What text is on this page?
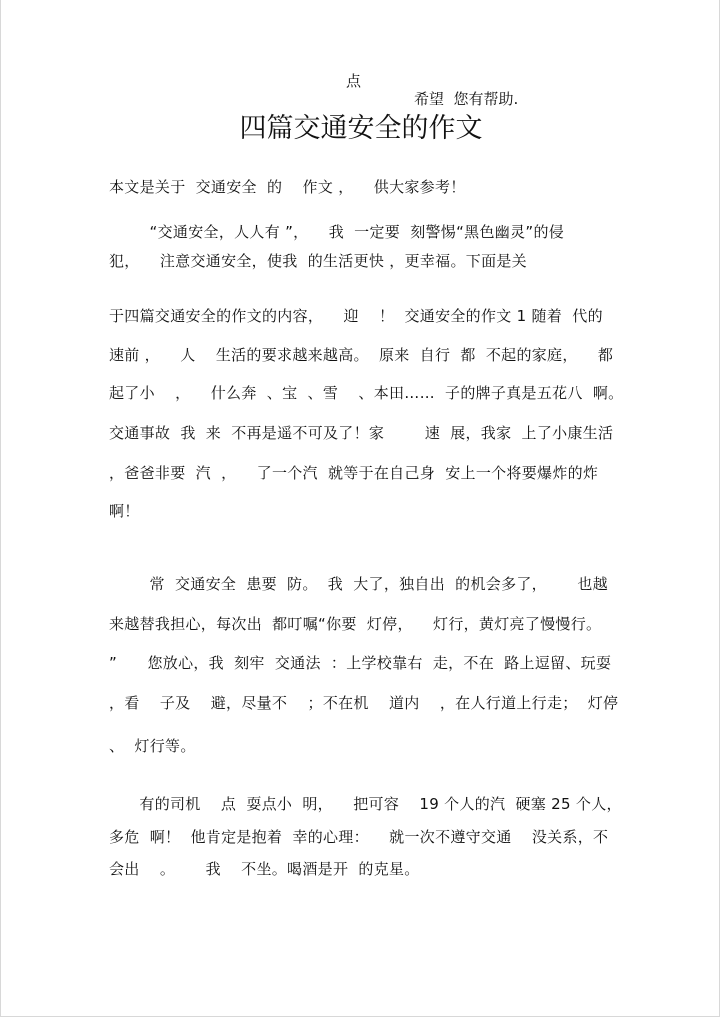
点

希望  您有帮助.

四篇交通安全的作文
本文是关于  交通安全  的    作文 ，    供大家参考！
“交通安全，人人有 ”，    我  一定要  刻警惕“黑色幽灵”的侵
犯，    注意交通安全，使我  的生活更快 ，更幸福。下面是关
于四篇交通安全的作文的内容，    迎    ！  交通安全的作文 1 随着  代的
速前 ，    人    生活的要求越来越高。  原来  自行  都  不起的家庭，    都
起了小    ，    什么奔  、宝  、雪    、本田……  子的牌子真是五花八  啊。
交通事故  我  来  不再是遥不可及了！家        速  展，我家  上了小康生活
，爸爸非要  汽  ，    了一个汽  就等于在自己身  安上一个将要爆炸的炸
啊！
常  交通安全  患要  防。  我  大了，独自出  的机会多了，      也越
来越替我担心，每次出  都叮嘱“你要  灯停，    灯行，黄灯亮了慢慢行。
”      您放心，我  刻牢  交通法  ：上学校靠右  走，不在  路上逗留、玩耍
，看    子及    避，尽量不    ；不在机    道内    ，在人行道上行走；  灯停
、  灯行等。
有的司机    点  耍点小  明，    把可容    19 个人的汽  硬塞 25 个人，
多危  啊！  他肯定是抱着  幸的心理：    就一次不遵守交通    没关系，不
会出    。      我    不坐。喝酒是开  的克星。
